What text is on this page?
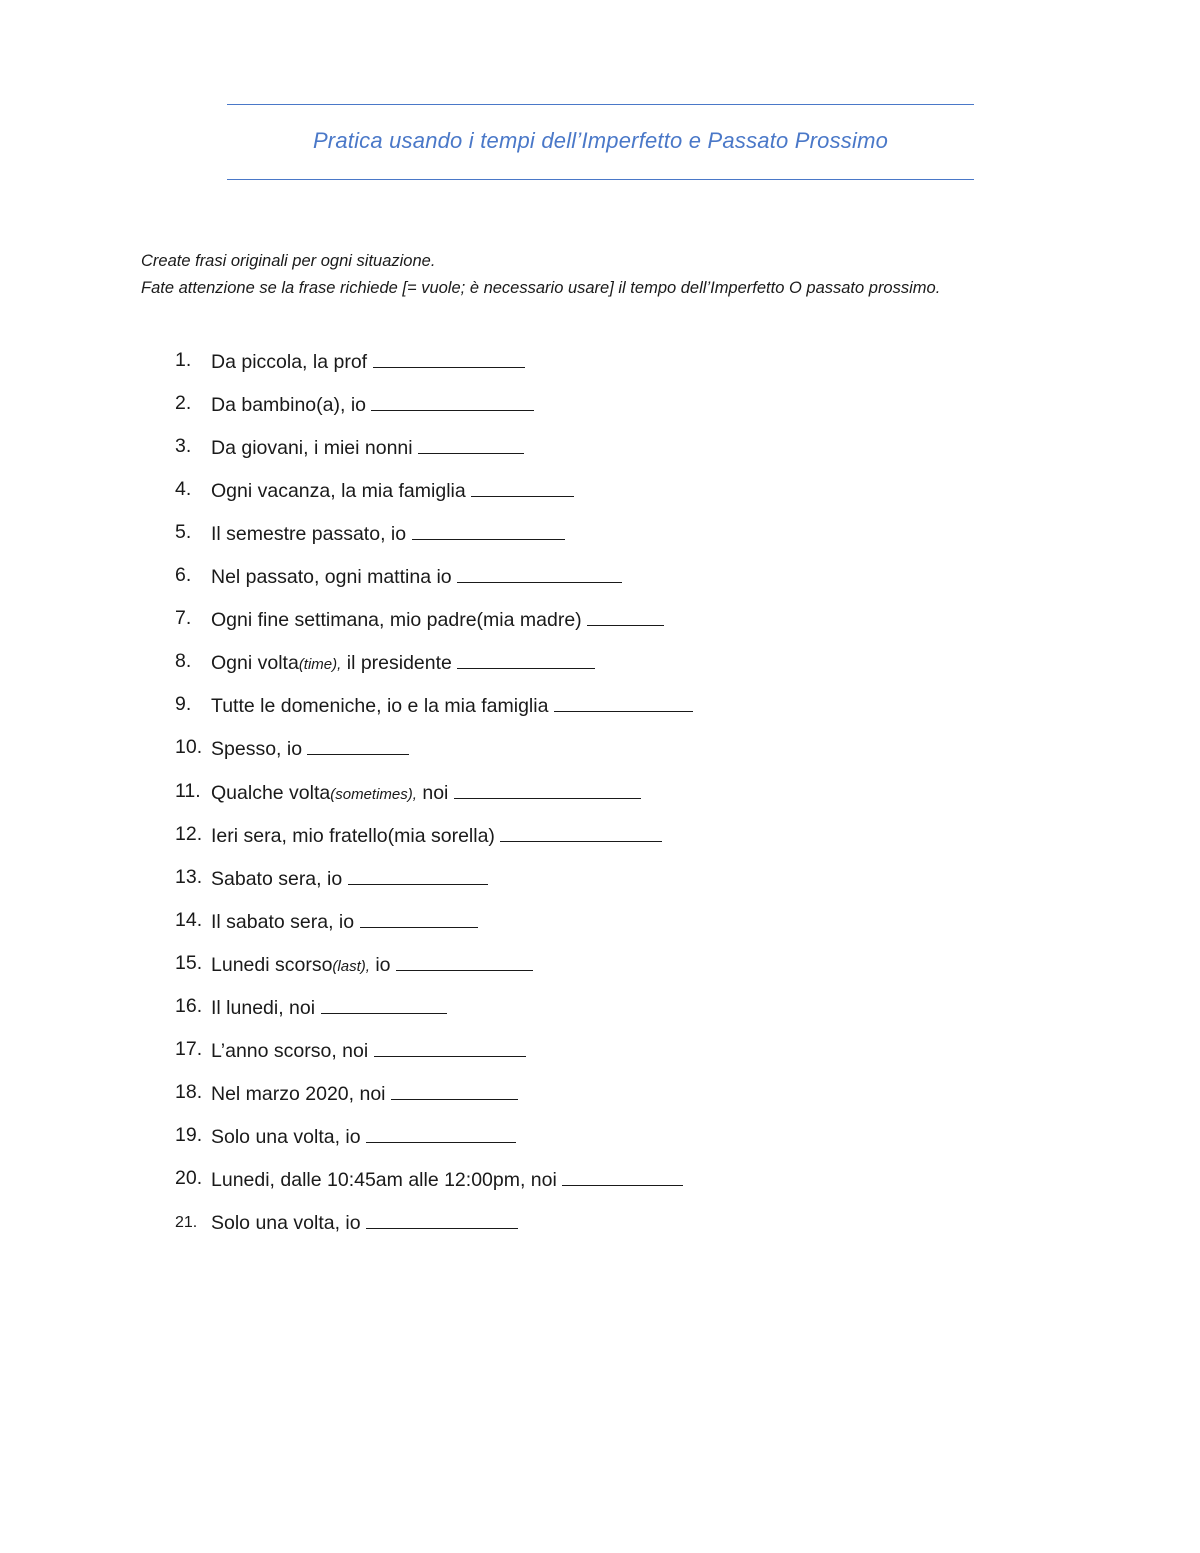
Pratica usando i tempi dell’Imperfetto e Passato Prossimo

Create frasi originali per ogni situazione.

Fate attenzione se la frase richiede [= vuole; è necessario usare] il tempo dell’Imperfetto O passato prossimo.

1. Da piccola, la prof
2. Da bambino(a), io
3. Da giovani, i miei nonni
4. Ogni vacanza, la mia famiglia
5. Il semestre passato, io
6. Nel passato, ogni mattina io
7. Ogni fine settimana, mio padre(mia madre)
8. Ogni volta(time), il presidente
9. Tutte le domeniche, io e la mia famiglia
10. Spesso, io
11. Qualche volta(sometimes), noi
12. Ieri sera, mio fratello(mia sorella)
13. Sabato sera, io
14. Il sabato sera, io
15. Lunedi scorso(last), io
16. Il lunedi, noi
17. L’anno scorso, noi
18. Nel marzo 2020, noi
19. Solo una volta, io
20. Lunedi, dalle 10:45am alle 12:00pm, noi
21. Solo una volta, io
